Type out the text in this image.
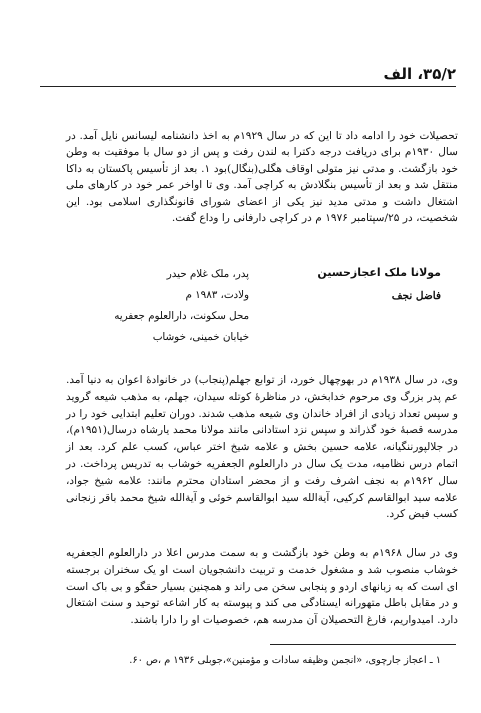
۳۵/۲، الف

تحصیلات خود را ادامه داد تا این که در سال ۱۹۲۹م به اخذ دانشنامه لیسانس نایل آمد. در سال ۱۹۳۰م برای دریافت درجه دکترا به لندن رفت و پس از دو سال با موفقیت به وطن خود بازگشت. و مدتی نیز متولی اوقاف هگلی(بنگال)بود ۱. بعد از تأسیس پاکستان به داکا منتقل شد و بعد از تأسیس بنگلادش به کراچی آمد. وی تا اواخر عمر خود در کارهای ملی اشتغال داشت و مدتی مدید نیز یکی از اعضای شورای قانونگذاری اسلامی بود. این شخصیت، در ۲۵/سپتامبر ۱۹۷۶ م در کراچی دارفانی را وداع گفت.

مولانا ملک اعجازحسین
فاضل نجف
پدر، ملک غلام حیدر
ولادت، ۱۹۸۳ م
محل سکونت، دارالعلوم جعفریه
خیابان خمینی، خوشاب

وی، در سال ۱۹۳۸م در بهوچهال خورد، از توابع جهلم(پنجاب) در خانوادهٔ اعوان به دنیا آمد. عم پدر بزرگ وی مرحوم خدابخش، در مناظرهٔ کوتله سیدان، جهلم، به مذهب شیعه گروید و سپس تعداد زیادی از افراد خاندان وی شیعه مذهب شدند. دوران تعلیم ابتدایی خود را در مدرسه قصبهٔ خود گذراند و سپس نزد استادانی مانند مولانا محمد یارشاه درسال(۱۹۵۱م)، در جلالپورننگیانه، علامه حسین بخش و علامه شیخ اختر عباس، کسب علم کرد. بعد از اتمام درس نظامیه، مدت یک سال در دارالعلوم الجعفریه خوشاب به تدریس پرداخت. در سال ۱۹۶۲م به نجف اشرف رفت و از محضر استادان محترم مانند: علامه شیخ جواد، علامه سید ابوالقاسم کرکیی، آیةالله سید ابوالقاسم خوئی و آیةالله شیخ محمد باقر زنجانی کسب فیض کرد.

وی در سال ۱۹۶۸م به وطن خود بازگشت و به سمت مدرس اعلا در دارالعلوم الجعفریه خوشاب منصوب شد و مشغول خدمت و تربیت دانشجویان است او یک سخنران برجسته ای است که به زبانهای اردو و پنجابی سخن می راند و همچنین بسیار حقگو و بی باک است و در مقابل باطل متهورانه ایستادگی می کند و پیوسته به کار اشاعه توحید و سنت اشتغال دارد. امیدواریم، فارغ التحصیلان آن مدرسه هم، خصوصیات او را دارا باشند.

۱ ـ اعجاز جارچوی، «انجمن وظیفه سادات و مؤمنین»،جوبلی ۱۹۳۶ م ،ص ۶۰.
